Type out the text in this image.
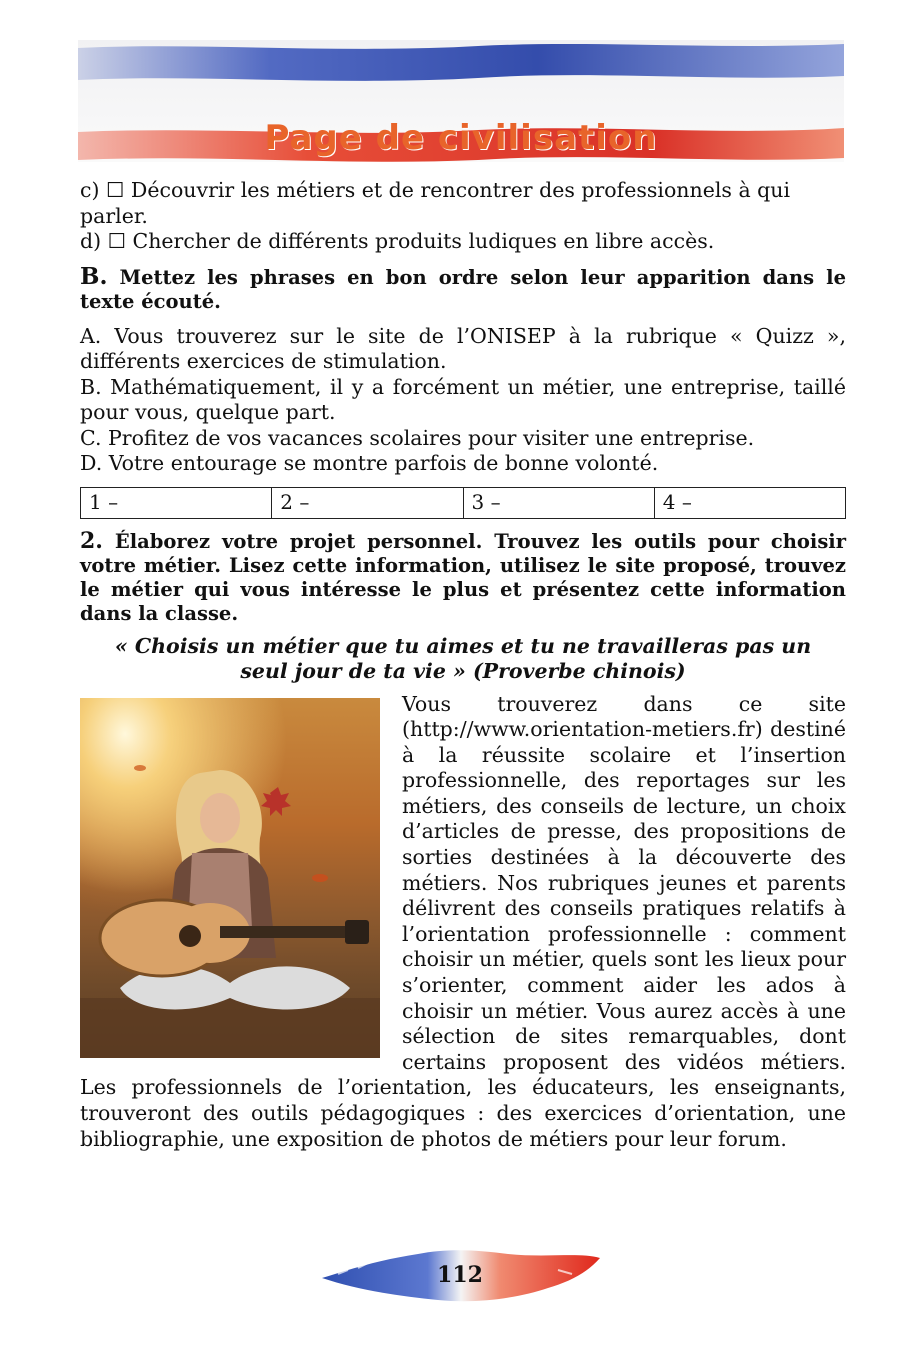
Page de civilisation

c) ☐ Découvrir les métiers et de rencontrer des professionnels à qui parler.

d) ☐ Chercher de différents produits ludiques en libre accès.

B. Mettez les phrases en bon ordre selon leur apparition dans le texte écouté.

A. Vous trouverez sur le site de l’ONISEP à la rubrique « Quizz », différents exercices de stimulation.

B. Mathématiquement, il y a forcément un métier, une entreprise, taillé pour vous, quelque part.

C. Profitez de vos vacances scolaires pour visiter une entreprise.

D. Votre entourage se montre parfois de bonne volonté.

1 –	2 –	3 –	4 –

2. Élaborez votre projet personnel. Trouvez les outils pour choisir votre métier. Lisez cette information, utilisez le site proposé, trouvez le métier qui vous intéresse le plus et présentez cette information dans la classe.

« Choisis un métier que tu aimes et tu ne travailleras pas un seul jour de ta vie » (Proverbe chinois)

Vous trouverez dans ce site (http://www.orientation-metiers.fr) destiné à la réussite scolaire et l’insertion professionnelle, des reportages sur les métiers, des conseils de lecture, un choix d’articles de presse, des propositions de sorties destinées à la découverte des métiers. Nos rubriques jeunes et parents délivrent des conseils pratiques relatifs à l’orientation professionnelle : comment choisir un métier, quels sont les lieux pour s’orienter, comment aider les ados à choisir un métier. Vous aurez accès à une sélection de sites remarquables, dont certains proposent des vidéos métiers. Les professionnels de l’orientation, les éducateurs, les enseignants, trouveront des outils pédagogiques : des exercices d’orientation, une bibliographie, une exposition de photos de métiers pour leur forum.

112
